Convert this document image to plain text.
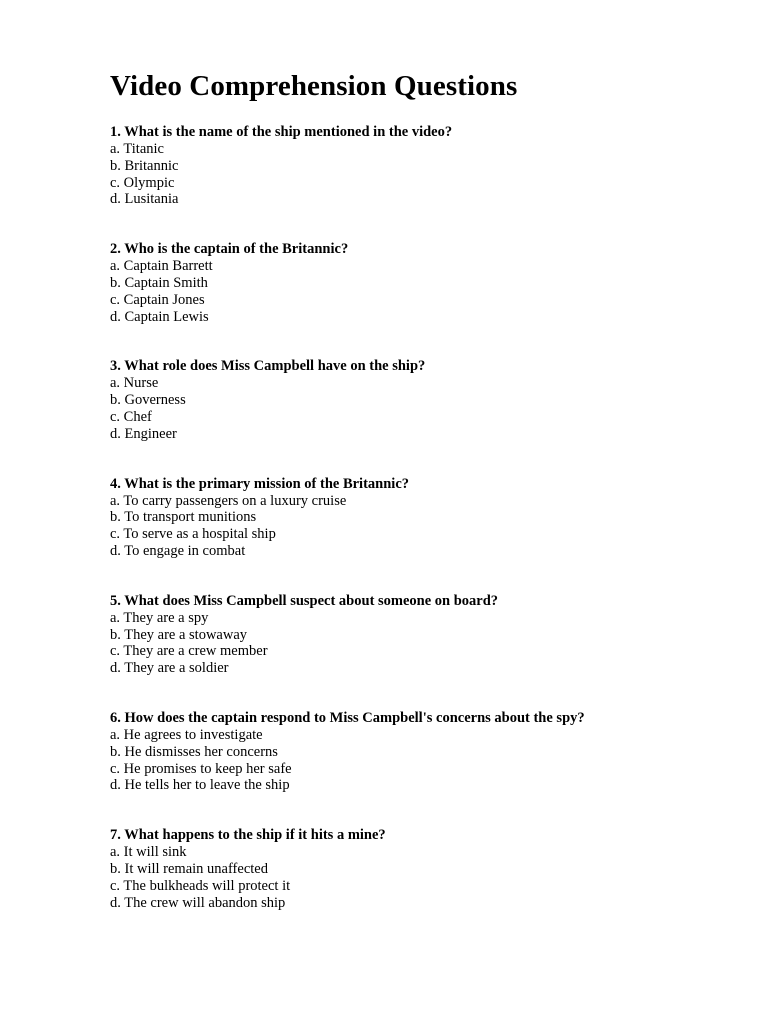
Video Comprehension Questions

1. What is the name of the ship mentioned in the video?

a. Titanic
b. Britannic
c. Olympic
d. Lusitania

2. Who is the captain of the Britannic?

a. Captain Barrett
b. Captain Smith
c. Captain Jones
d. Captain Lewis

3. What role does Miss Campbell have on the ship?

a. Nurse
b. Governess
c. Chef
d. Engineer

4. What is the primary mission of the Britannic?

a. To carry passengers on a luxury cruise
b. To transport munitions
c. To serve as a hospital ship
d. To engage in combat

5. What does Miss Campbell suspect about someone on board?

a. They are a spy
b. They are a stowaway
c. They are a crew member
d. They are a soldier

6. How does the captain respond to Miss Campbell's concerns about the spy?

a. He agrees to investigate
b. He dismisses her concerns
c. He promises to keep her safe
d. He tells her to leave the ship

7. What happens to the ship if it hits a mine?

a. It will sink
b. It will remain unaffected
c. The bulkheads will protect it
d. The crew will abandon ship
